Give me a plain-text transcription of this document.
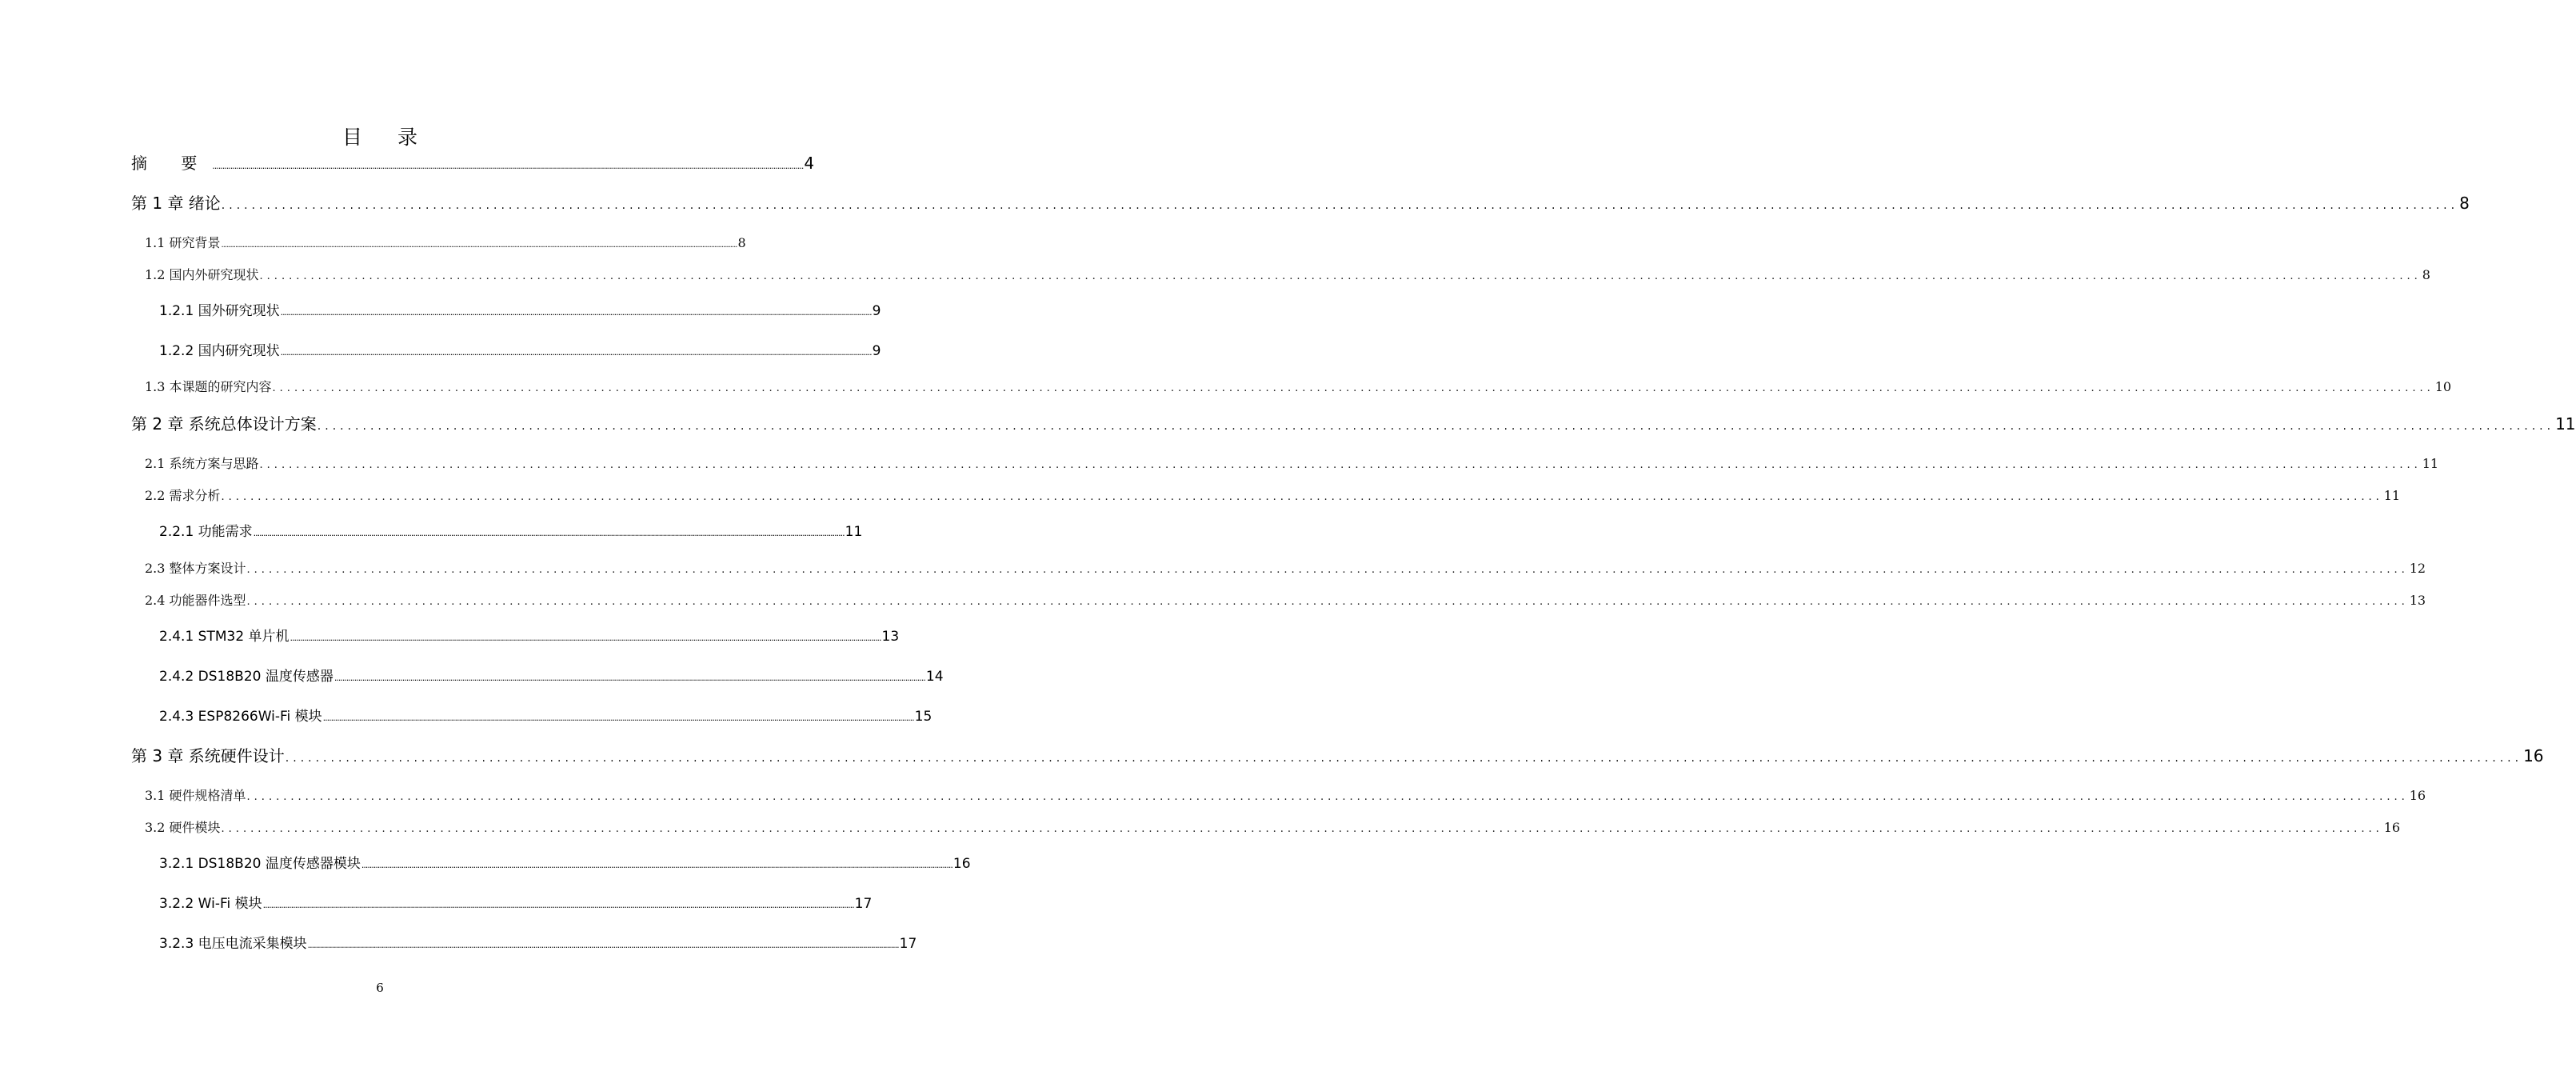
目 录
摘 要 ........................................................................................................................................................................................................................................................................................................ 4
第 1 章 绪论 ........................................................................................................................................................................................................................................................................................................ 8
1.1 研究背景 ........................................................................................................................................................................................................................................................................................................ 8
1.2 国内外研究现状 ........................................................................................................................................................................................................................................................................................................ 8
1.2.1 国外研究现状 ........................................................................................................................................................................................................................................................................................................ 9
1.2.2 国内研究现状 ........................................................................................................................................................................................................................................................................................................ 9
1.3 本课题的研究内容 ........................................................................................................................................................................................................................................................................................................ 10
第 2 章 系统总体设计方案 ........................................................................................................................................................................................................................................................................................................ 11
2.1 系统方案与思路 ........................................................................................................................................................................................................................................................................................................ 11
2.2 需求分析 ........................................................................................................................................................................................................................................................................................................ 11
2.2.1 功能需求 ........................................................................................................................................................................................................................................................................................................ 11
2.3 整体方案设计 ........................................................................................................................................................................................................................................................................................................ 12
2.4 功能器件选型 ........................................................................................................................................................................................................................................................................................................ 13
2.4.1 STM32 单片机 ........................................................................................................................................................................................................................................................................................................ 13
2.4.2 DS18B20 温度传感器 ........................................................................................................................................................................................................................................................................................................ 14
2.4.3 ESP8266Wi-Fi 模块 ........................................................................................................................................................................................................................................................................................................ 15
第 3 章 系统硬件设计 ........................................................................................................................................................................................................................................................................................................ 16
3.1 硬件规格清单 ........................................................................................................................................................................................................................................................................................................ 16
3.2 硬件模块 ........................................................................................................................................................................................................................................................................................................ 16
3.2.1 DS18B20 温度传感器模块 ........................................................................................................................................................................................................................................................................................................ 16
3.2.2 Wi-Fi 模块 ........................................................................................................................................................................................................................................................................................................ 17
3.2.3 电压电流采集模块 ........................................................................................................................................................................................................................................................................................................ 17
6
